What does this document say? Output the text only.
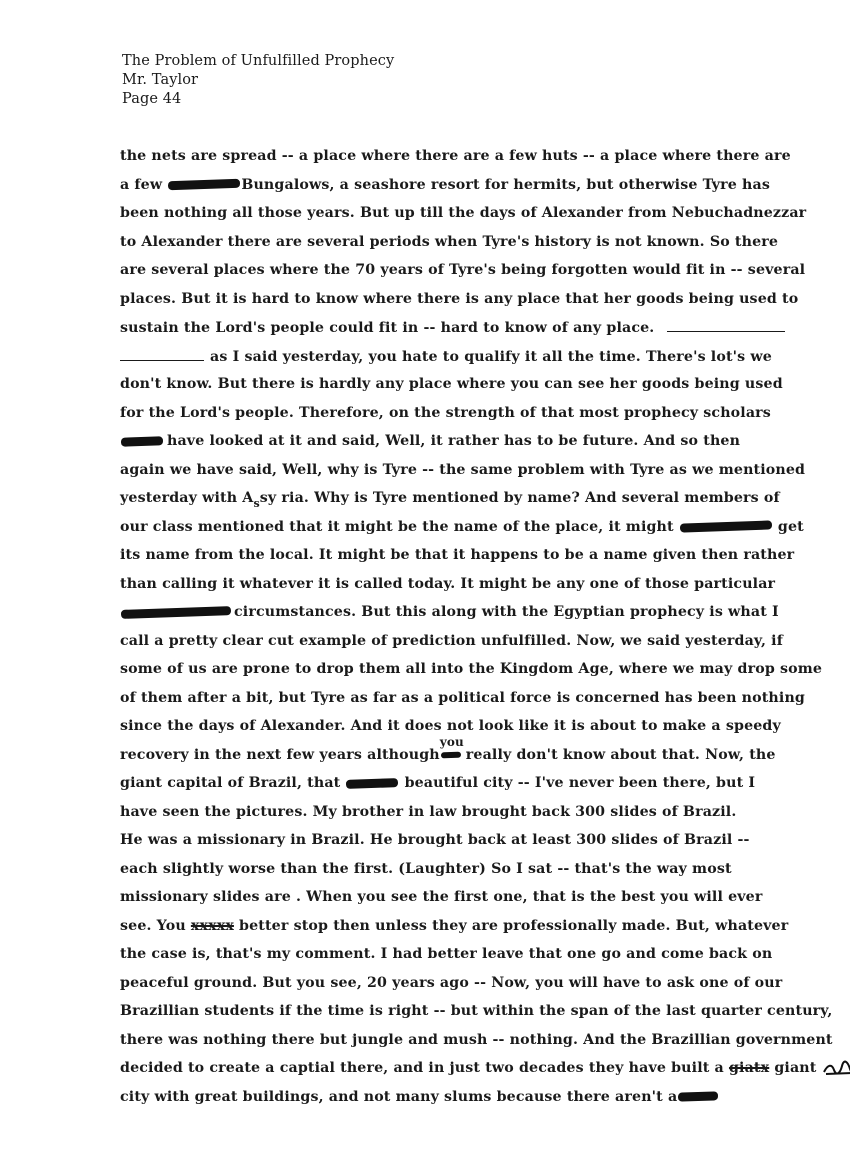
The Problem of Unfulfilled Prophecy
Mr. Taylor
Page 44
the nets are spread -- a place where there are a few huts -- a place where there are
a few	Bungalows, a seashore resort for hermits, but otherwise Tyre has
been nothing all those years. But up till the days of Alexander from Nebuchadnezzar
to Alexander there are several periods when Tyre's history is not known. So there
are several places where the 70 years of Tyre's being forgotten would fit in -- several
places. But it is hard to know where there is any place that her goods being used to
sustain the Lord's people could fit in -- hard to know of any place.
as I said yesterday, you hate to qualify it all the time. There's lot's we
don't know. But there is hardly any place where you can see her goods being used
for the Lord's people. Therefore, on the strength of that most prophecy scholars
have looked at it and said, Well, it rather has to be future. And so then
again we have said, Well, why is Tyre -- the same problem with Tyre as we mentioned
yesterday with $A_ssy$ ria. Why is Tyre mentioned by name? And several members of
our class mentioned that it might be the name of the place, it might	get
its name from the local. It might be that it happens to be a name given then rather
than calling it whatever it is called today. It might be any one of those particular
circumstances. But this along with the Egyptian prophecy is what I
call a pretty clear cut example of prediction unfulfilled. Now, we said yesterday, if
some of us are prone to drop them all into the Kingdom Age, where we may drop some
of them after a bit, but Tyre as far as a political force is concerned has been nothing
since the days of Alexander. And it does not look like it is about to make a speedy
recovery in the next few years although
you
really don't know about that. Now, the
giant capital of Brazil, that	beautiful city -- I've never been there, but I
have seen the pictures. My brother in law brought back 300 slides of Brazil.
He was a missionary in Brazil. He brought back at least 300 slides of Brazil --
each slightly worse than the first. (Laughter) So I sat -- that's the way most
missionary slides are . When you see the first one, that is the best you will ever
see. You xxxxx better stop then unless they are professionally made. But, whatever
the case is, that's my comment. I had better leave that one go and come back on
peaceful ground. But you see, 20 years ago -- Now, you will have to ask one of our
Brazillian students if the time is right -- but within the span of the last quarter century,
there was nothing there but jungle and mush -- nothing. And the Brazillian government
decided to create a captial there, and in just two decades they have built a giatx giant
city with great buildings, and not many slums because there aren't a
